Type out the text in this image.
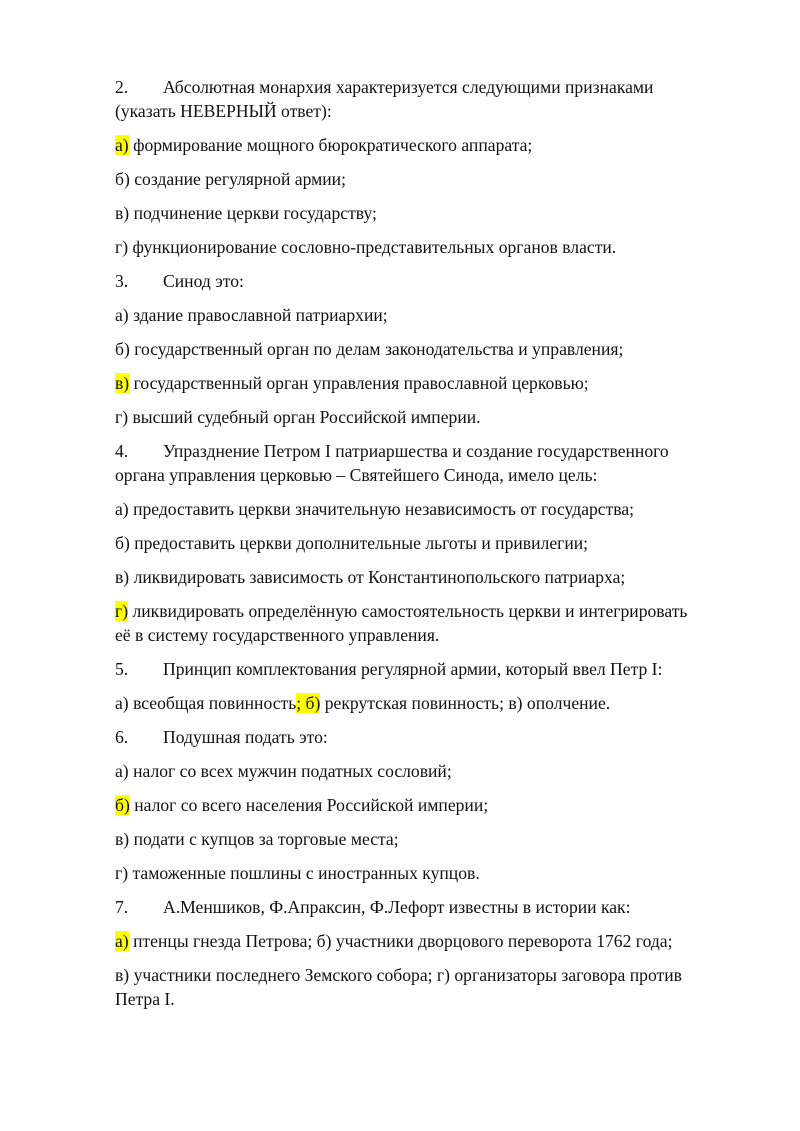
2. Абсолютная монархия характеризуется следующими признаками
(указать НЕВЕРНЫЙ ответ):
а) формирование мощного бюрократического аппарата;
б) создание регулярной армии;
в) подчинение церкви государству;
г) функционирование сословно-представительных органов власти.
3. Синод это:
а) здание православной патриархии;
б) государственный орган по делам законодательства и управления;
в) государственный орган управления православной церковью;
г) высший судебный орган Российской империи.
4. Упразднение Петром I патриаршества и создание государственного
органа управления церковью – Святейшего Синода, имело цель:
а) предоставить церкви значительную независимость от государства;
б) предоставить церкви дополнительные льготы и привилегии;
в) ликвидировать зависимость от Константинопольского патриарха;
г) ликвидировать определённую самостоятельность церкви и интегрировать
её в систему государственного управления.
5. Принцип комплектования регулярной армии, который ввел Петр I:
а) всеобщая повинность; б) рекрутская повинность; в) ополчение.
6. Подушная подать это:
а) налог со всех мужчин податных сословий;
б) налог со всего населения Российской империи;
в) подати с купцов за торговые места;
г) таможенные пошлины с иностранных купцов.
7. А.Меншиков, Ф.Апраксин, Ф.Лефорт известны в истории как:
а) птенцы гнезда Петрова; б) участники дворцового переворота 1762 года;
в) участники последнего Земского собора; г) организаторы заговора против
Петра I.
